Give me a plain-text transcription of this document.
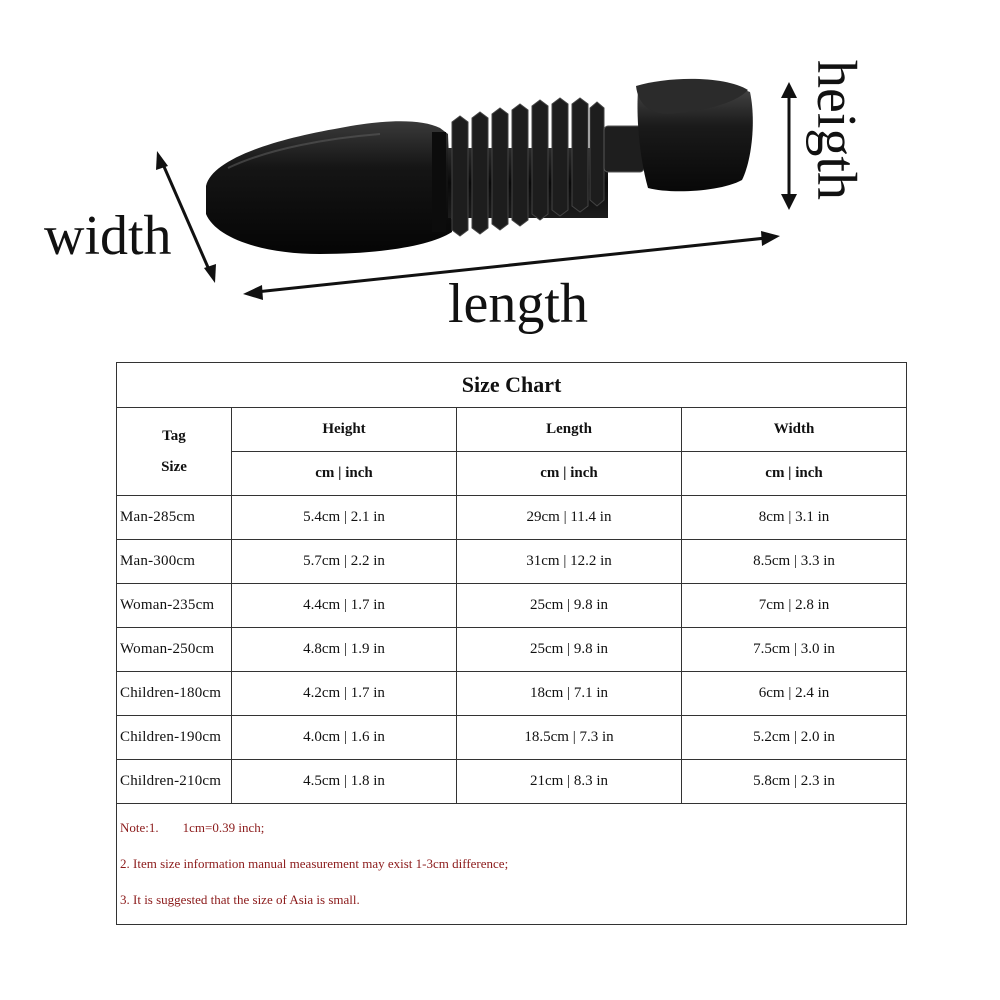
width
length
heigth
Size Chart			

Tag
Size	Height	Length	Width
	cm | inch	cm | inch	cm | inch
Man-285cm	5.4cm | 2.1 in	29cm | 11.4 in	8cm | 3.1 in
Man-300cm	5.7cm | 2.2 in	31cm | 12.2 in	8.5cm | 3.3 in
Woman-235cm	4.4cm | 1.7 in	25cm | 9.8 in	7cm | 2.8 in
Woman-250cm	4.8cm | 1.9 in	25cm | 9.8 in	7.5cm | 3.0 in
Children-180cm	4.2cm | 1.7 in	18cm | 7.1 in	6cm | 2.4 in
Children-190cm	4.0cm | 1.6 in	18.5cm | 7.3 in	5.2cm | 2.0 in
Children-210cm	4.5cm | 1.8 in	21cm | 8.3 in	5.8cm | 2.3 in

Note:1. 1cm=0.39 inch;
2. Item size information manual measurement may exist 1-3cm difference;
3. It is suggested that the size of Asia is small.			
